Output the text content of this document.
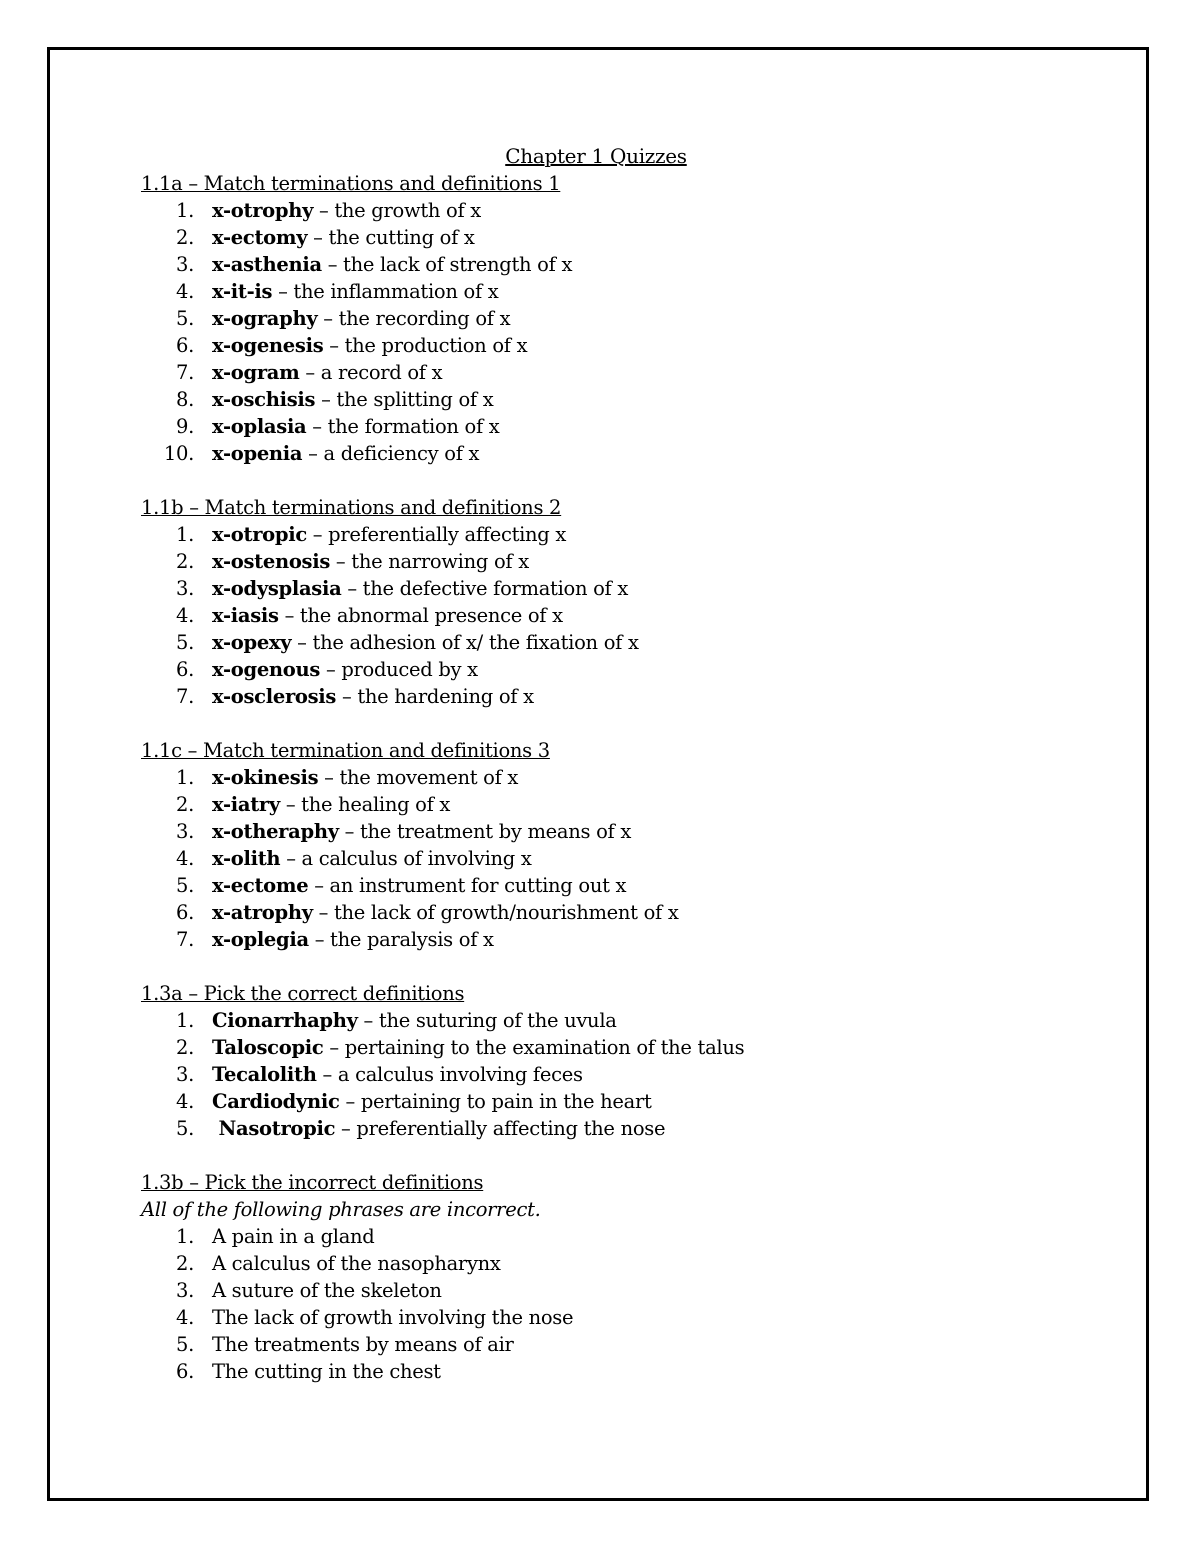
Chapter 1 Quizzes
1.1a – Match terminations and definitions 1
1. x-otrophy – the growth of x
2. x-ectomy – the cutting of x
3. x-asthenia – the lack of strength of x
4. x-it-is – the inflammation of x
5. x-ography – the recording of x
6. x-ogenesis – the production of x
7. x-ogram – a record of x
8. x-oschisis – the splitting of x
9. x-oplasia – the formation of x
10. x-openia – a deficiency of x
1.1b – Match terminations and definitions 2
1. x-otropic – preferentially affecting x
2. x-ostenosis – the narrowing of x
3. x-odysplasia – the defective formation of x
4. x-iasis – the abnormal presence of x
5. x-opexy – the adhesion of x/ the fixation of x
6. x-ogenous – produced by x
7. x-osclerosis – the hardening of x
1.1c – Match termination and definitions 3
1. x-okinesis – the movement of x
2. x-iatry – the healing of x
3. x-otheraphy – the treatment by means of x
4. x-olith – a calculus of involving x
5. x-ectome – an instrument for cutting out x
6. x-atrophy – the lack of growth/nourishment of x
7. x-oplegia – the paralysis of x
1.3a – Pick the correct definitions
1. Cionarrhaphy – the suturing of the uvula
2. Taloscopic – pertaining to the examination of the talus
3. Tecalolith – a calculus involving feces
4. Cardiodynic – pertaining to pain in the heart
5. Nasotropic – preferentially affecting the nose
1.3b – Pick the incorrect definitions
All of the following phrases are incorrect.
1. A pain in a gland
2. A calculus of the nasopharynx
3. A suture of the skeleton
4. The lack of growth involving the nose
5. The treatments by means of air
6. The cutting in the chest
